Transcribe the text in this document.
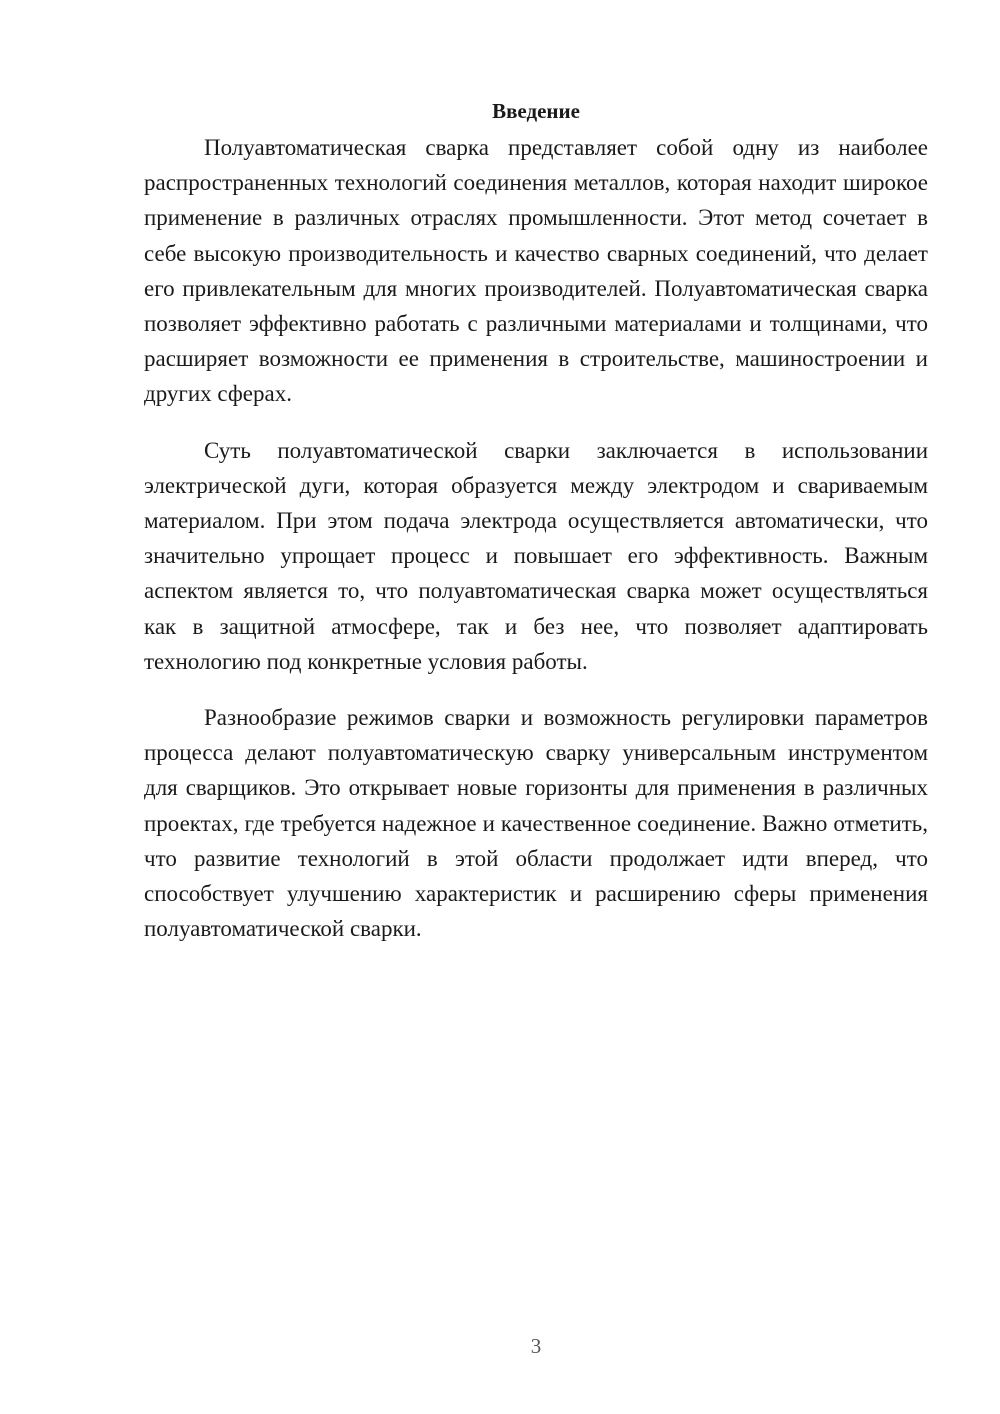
Введение

Полуавтоматическая сварка представляет собой одну из наиболее распространенных технологий соединения металлов, которая находит широкое применение в различных отраслях промышленности. Этот метод сочетает в себе высокую производительность и качество сварных соединений, что делает его привлекательным для многих производителей. Полуавтоматическая сварка позволяет эффективно работать с различными материалами и толщинами, что расширяет возможности ее применения в строительстве, машиностроении и других сферах.

Суть полуавтоматической сварки заключается в использовании электрической дуги, которая образуется между электродом и свариваемым материалом. При этом подача электрода осуществляется автоматически, что значительно упрощает процесс и повышает его эффективность. Важным аспектом является то, что полуавтоматическая сварка может осуществляться как в защитной атмосфере, так и без нее, что позволяет адаптировать технологию под конкретные условия работы.

Разнообразие режимов сварки и возможность регулировки параметров процесса делают полуавтоматическую сварку универсальным инструментом для сварщиков. Это открывает новые горизонты для применения в различных проектах, где требуется надежное и качественное соединение. Важно отметить, что развитие технологий в этой области продолжает идти вперед, что способствует улучшению характеристик и расширению сферы применения полуавтоматической сварки.

3
